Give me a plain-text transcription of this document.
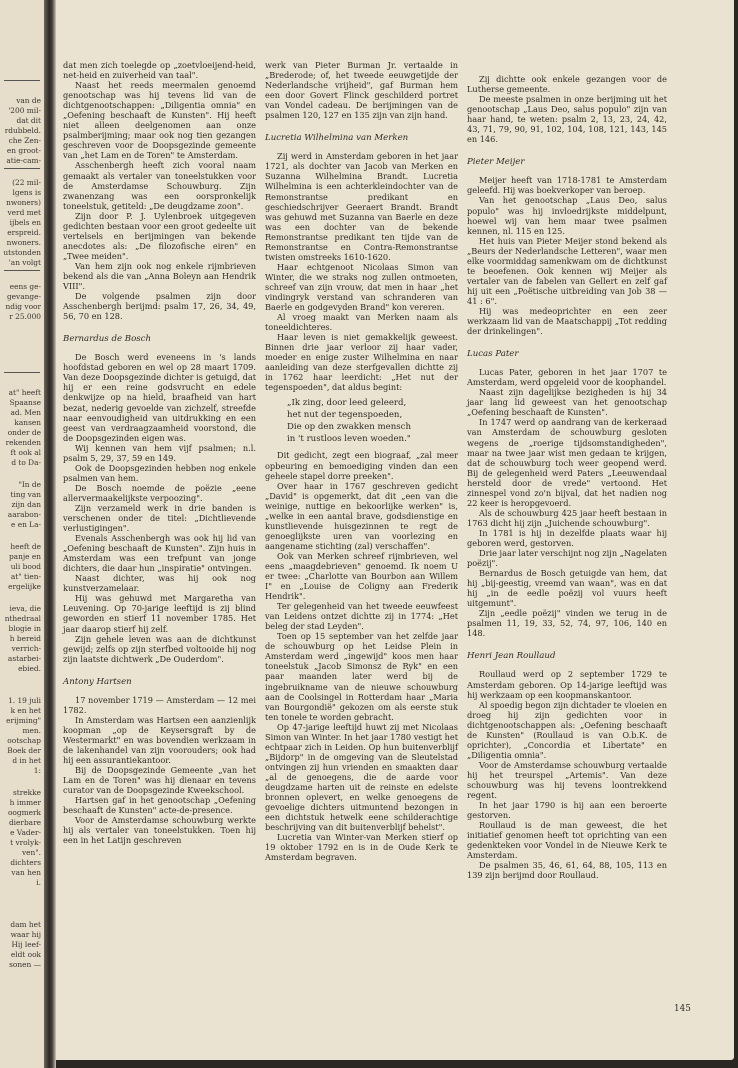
van de
'200 mil-
dat dit
rdubbeld.
che Zen-
en groot-
atie-cam-
(22 mil-
lgens is
nwoners)
verd met
ijbels en
erspreid.
nwoners.
utstonden
'an volgt
eens ge-
gevange-
ndig voor
r 25.000
at" heeft
Spaanse
ad. Men
kansen
onder de
rekenden
ft ook al
d to Da-
"In de
ting van
zijn dan
aarabon-
e en La-
heeft de
panje en
uli bood
at" tien-
ergelijke
ieva, die
nthedraal
blogie in
h bereid
verrich-
astarbei-
ebied.
1. 19 juli
k en het
erijming"
men.
ootschap
Boek der
d in het
1:
strekke
h immer
oogmerk
dierbare
e Vader-
t vrolyk-
ven".
dichters
van hen
i.
dam het
waar hij
Hij leef-
eldt ook
sonen —

dat men zich toelegde op „zoetvloeijend-heid, net-heid en zuiverheid van taal".

Naast het reeds meermalen genoemd genootschap was hij tevens lid van de dichtgenootschappen: „Diligentia omnia" en „Oefening beschaaft de Kunsten". Hij heeft niet alleen deelgenomen aan onze psalmberijming; maar ook nog tien gezangen geschreven voor de Doopsgezinde gemeente van „het Lam en de Toren" te Amsterdam.

Asschenbergh heeft zich vooral naam gemaakt als vertaler van toneelstukken voor de Amsterdamse Schouwburg. Zijn zwanenzang was een oorspronkelijk toneelstuk, getiteld: „De deugdzame zoon".

Zijn door P. J. Uylenbroek uitgegeven gedichten bestaan voor een groot gedeelte uit vertelsels en berijmingen van bekende anecdotes als: „De filozofische eiren" en „Twee meiden".

Van hem zijn ook nog enkele rijmbrieven bekend als die van „Anna Boleyn aan Hendrik VIII".

De volgende psalmen zijn door Asschenbergh berijmd: psalm 17, 26, 34, 49, 56, 70 en 128.

Bernardus de Bosch

De Bosch werd eveneens in 's lands hoofdstad geboren en wel op 28 maart 1709. Van deze Doopsgezinde dichter is getuigd, dat hij er een reine godsvrucht en edele denkwijze op na hield, braafheid van hart bezat, nederig gevoelde van zichzelf, streefde naar eenvoudigheid van uitdrukking en een geest van verdraagzaamheid voorstond, die de Doopsgezinden eigen was.

Wij kennen van hem vijf psalmen; n.l. psalm 5, 29, 37, 59 en 149.

Ook de Doopsgezinden hebben nog enkele psalmen van hem.

De Bosch noemde de poëzie „eene allervermaakelijkste verpoozing".

Zijn verzameld werk in drie banden is verschenen onder de titel: „Dichtlievende verlustigingen".

Evenals Asschenbergh was ook hij lid van „Oefening beschaaft de Kunsten". Zijn huis in Amsterdam was een trefpunt van jonge dichters, die daar hun „inspiratie" ontvingen.

Naast dichter, was hij ook nog kunstverzamelaar.

Hij was gehuwd met Margaretha van Leuvening. Op 70-jarige leeftijd is zij blind geworden en stierf 11 november 1785. Het jaar daarop stierf hij zelf.

Zijn gehele leven was aan de dichtkunst gewijd; zelfs op zijn sterfbed voltooide hij nog zijn laatste dichtwerk „De Ouderdom".

Antony Hartsen

17 november 1719 — Amsterdam — 12 mei 1782.

In Amsterdam was Hartsen een aanzienlijk koopman „op de Keysersgraft by de Westermarkt" en was bovendien werkzaam in de lakenhandel van zijn voorouders; ook had hij een assurantiekantoor.

Bij de Doopsgezinde Gemeente „van het Lam en de Toren" was hij dienaar en tevens curator van de Doopsgezinde Kweekschool.

Hartsen gaf in het genootschap „Oefening beschaaft de Kunsten" acte-de-presence.

Voor de Amsterdamse schouwburg werkte hij als vertaler van toneelstukken. Toen hij een in het Latijn geschreven

werk van Pieter Burman Jr. vertaalde in „Brederode; of, het tweede eeuwgetijde der Nederlandsche vrijheid", gaf Burman hem een door Govert Flinck geschilderd portret van Vondel cadeau. De berijmingen van de psalmen 120, 127 en 135 zijn van zijn hand.

Lucretia Wilhelmina van Merken

Zij werd in Amsterdam geboren in het jaar 1721, als dochter van Jacob van Merken en Suzanna Wilhelmina Brandt. Lucretia Wilhelmina is een achterkleindochter van de Remonstrantse predikant en geschiedschrijver Geeraert Brandt. Brandt was gehuwd met Suzanna van Baerle en deze was een dochter van de bekende Remonstrantse predikant ten tijde van de Remonstrantse en Contra-Remonstrantse twisten omstreeks 1610-1620.

Haar echtgenoot Nicolaas Simon van Winter, die we straks nog zullen ontmoeten, schreef van zijn vrouw, dat men in haar „het vindingryk verstand van schranderen van Baerle en godgevyden Brand" kon vereren.

Al vroeg maakt van Merken naam als toneeldichteres.

Haar leven is niet gemakkelijk geweest. Binnen drie jaar verloor zij haar vader, moeder en enige zuster Wilhelmina en naar aanleiding van deze sterfgevallen dichtte zij in 1762 haar leerdicht: „Het nut der tegenspoeden", dat aldus begint:

„Ik zing, door leed geleerd,
het nut der tegenspoeden,
Die op den zwakken mensch
in 't rustloos leven woeden."

Dit gedicht, zegt een biograaf, „zal meer opbeuring en bemoediging vinden dan een geheele stapel dorre preeken".

Over haar in 1767 geschreven gedicht „David" is opgemerkt, dat dit „een van die weinige, nuttige en bekoorlijke werken" is, „welke in een aantal brave, godsdienstige en kunstlievende huisgezinnen te regt de genoeglijkste uren van voorlezing en aangename stichting (zal) verschaffen".

Ook van Merken schreef rijmbrieven, wel eens „maagdebrieven" genoemd. Ik noem U er twee: „Charlotte van Bourbon aan Willem I" en „Louise de Coligny aan Frederik Hendrik".

Ter gelegenheid van het tweede eeuwfeest van Leidens ontzet dichtte zij in 1774: „Het beleg der stad Leyden".

Toen op 15 september van het zelfde jaar de schouwburg op het Leidse Plein in Amsterdam werd „ingewijd" koos men haar toneelstuk „Jacob Simonsz de Ryk" en een paar maanden later werd bij de ingebruikname van de nieuwe schouwburg aan de Coolsingel in Rotterdam haar „Maria van Bourgondië" gekozen om als eerste stuk ten tonele te worden gebracht.

Op 47-jarige leeftijd huwt zij met Nicolaas Simon van Winter. In het jaar 1780 vestigt het echtpaar zich in Leiden. Op hun buitenverblijf „Bijdorp" in de omgeving van de Sleutelstad ontvingen zij hun vrienden en smaakten daar „al de genoegens, die de aarde voor deugdzame harten uit de reinste en edelste bronnen oplevert, en welke genoegens de gevoelige dichters uitmuntend bezongen in een dichtstuk hetwelk eene schilderachtige beschrijving van dit buitenverblijf behelst".

Lucretia van Winter-van Merken stierf op 19 oktober 1792 en is in de Oude Kerk te Amsterdam begraven.

Zij dichtte ook enkele gezangen voor de Lutherse gemeente.

De meeste psalmen in onze berijming uit het genootschap „Laus Deo, salus populo" zijn van haar hand, te weten: psalm 2, 13, 23, 24, 42, 43, 71, 79, 90, 91, 102, 104, 108, 121, 143, 145 en 146.

Pieter Meijer

Meijer heeft van 1718-1781 te Amsterdam geleefd. Hij was boekverkoper van beroep.

Van het genootschap „Laus Deo, salus populo" was hij invloedrijkste middelpunt, hoewel wij van hem maar twee psalmen kennen, nl. 115 en 125.

Het huis van Pieter Meijer stond bekend als „Beurs der Nederlandsche Letteren", waar men elke voormiddag samenkwam om de dichtkunst te beoefenen. Ook kennen wij Meijer als vertaler van de fabelen van Gellert en zelf gaf hij uit een „Poëtische uitbreiding van Job 38 — 41 : 6".

Hij was medeoprichter en een zeer werkzaam lid van de Maatschappij „Tot redding der drinkelingen".

Lucas Pater

Lucas Pater, geboren in het jaar 1707 te Amsterdam, werd opgeleid voor de koophandel.

Naast zijn dagelijkse bezigheden is hij 34 jaar lang lid geweest van het genootschap „Oefening beschaaft de Kunsten".

In 1747 werd op aandrang van de kerkeraad van Amsterdam de schouwburg gesloten wegens de „roerige tijdsomstandigheden", maar na twee jaar wist men gedaan te krijgen, dat de schouwburg toch weer geopend werd. Bij de gelegenheid werd Paters „Leeuwendaal hersteld door de vrede" vertoond. Het zinnespel vond zo'n bijval, dat het nadien nog 22 keer is heropgevoerd.

Als de schouwburg 425 jaar heeft bestaan in 1763 dicht hij zijn „Juichende schouwburg".

In 1781 is hij in dezelfde plaats waar hij geboren werd, gestorven.

Drie jaar later verschijnt nog zijn „Nagelaten poëzij".

Bernardus de Bosch getuigde van hem, dat hij „bij-geestig, vreemd van waan", was en dat hij „in de eedle poëzij vol vuurs heeft uitgemunt".

Zijn „eedle poëzij" vinden we terug in de psalmen 11, 19, 33, 52, 74, 97, 106, 140 en 148.

Henri Jean Roullaud

Roullaud werd op 2 september 1729 te Amsterdam geboren. Op 14-jarige leeftijd was hij werkzaam op een koopmanskantoor.

Al spoedig begon zijn dichtader te vloeien en droeg hij zijn gedichten voor in dichtgenootschappen als: „Oefening beschaaft de Kunsten" (Roullaud is van O.b.K. de oprichter), „Concordia et Libertate" en „Diligentia omnia".

Voor de Amsterdamse schouwburg vertaalde hij het treurspel „Artemis". Van deze schouwburg was hij tevens loontrekkend regent.

In het jaar 1790 is hij aan een beroerte gestorven.

Roullaud is de man geweest, die het initiatief genomen heeft tot oprichting van een gedenkteken voor Vondel in de Nieuwe Kerk te Amsterdam.

De psalmen 35, 46, 61, 64, 88, 105, 113 en 139 zijn berijmd door Roullaud.

145
